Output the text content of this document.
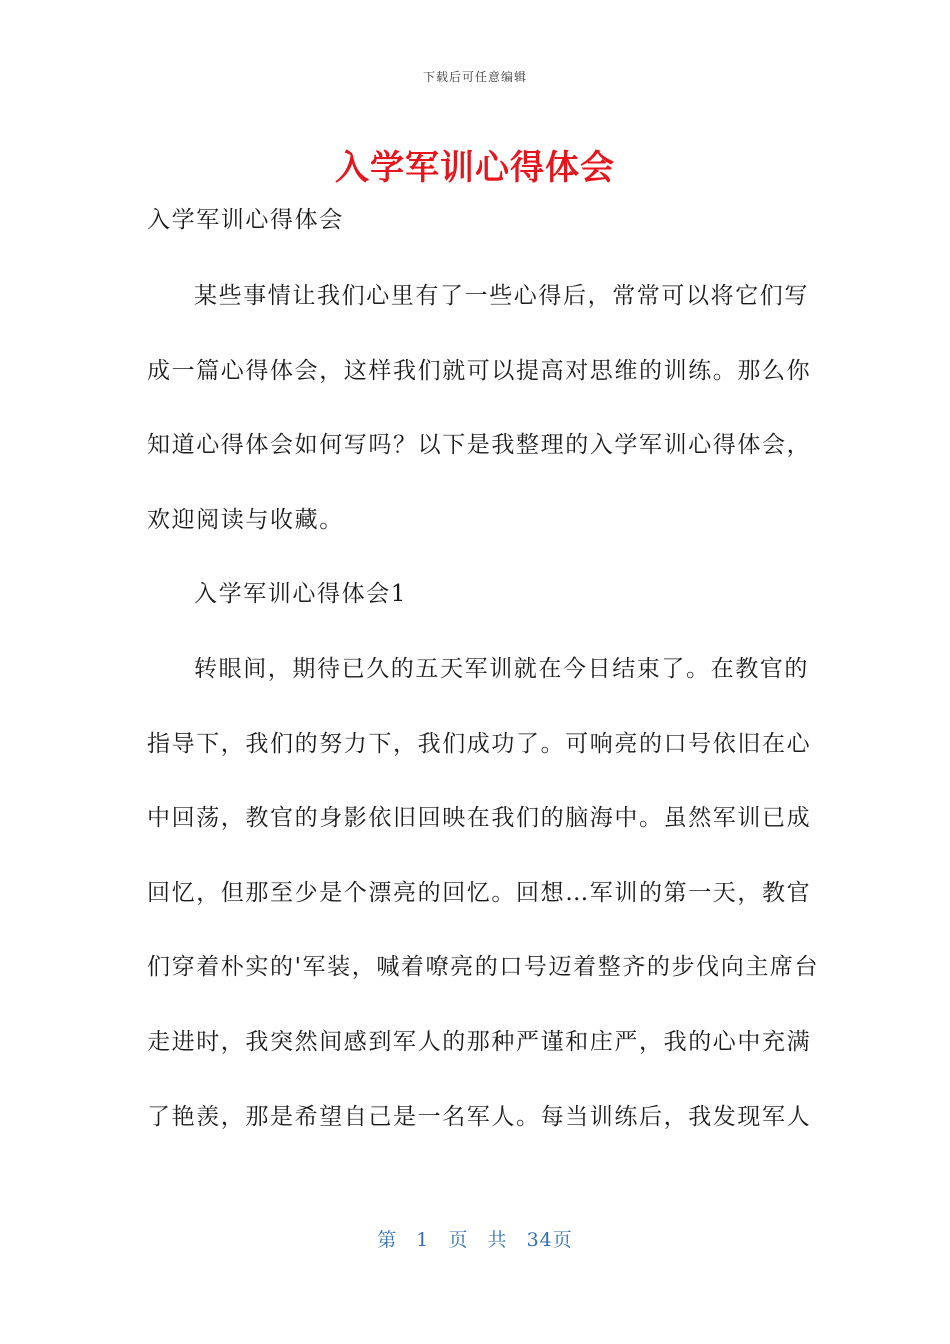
下载后可任意编辑
入学军训心得体会
入学军训心得体会
某些事情让我们心里有了一些心得后，常常可以将它们写
成一篇心得体会，这样我们就可以提高对思维的训练。那么你
知道心得体会如何写吗？以下是我整理的入学军训心得体会，
欢迎阅读与收藏。
入学军训心得体会1
转眼间，期待已久的五天军训就在今日结束了。在教官的
指导下，我们的努力下，我们成功了。可响亮的口号依旧在心
中回荡，教官的身影依旧回映在我们的脑海中。虽然军训已成
回忆，但那至少是个漂亮的回忆。回想…军训的第一天，教官
们穿着朴实的'军装，喊着嘹亮的口号迈着整齐的步伐向主席台
走进时，我突然间感到军人的那种严谨和庄严，我的心中充满
了艳羡，那是希望自己是一名军人。每当训练后，我发现军人
第 1 页 共 34页
